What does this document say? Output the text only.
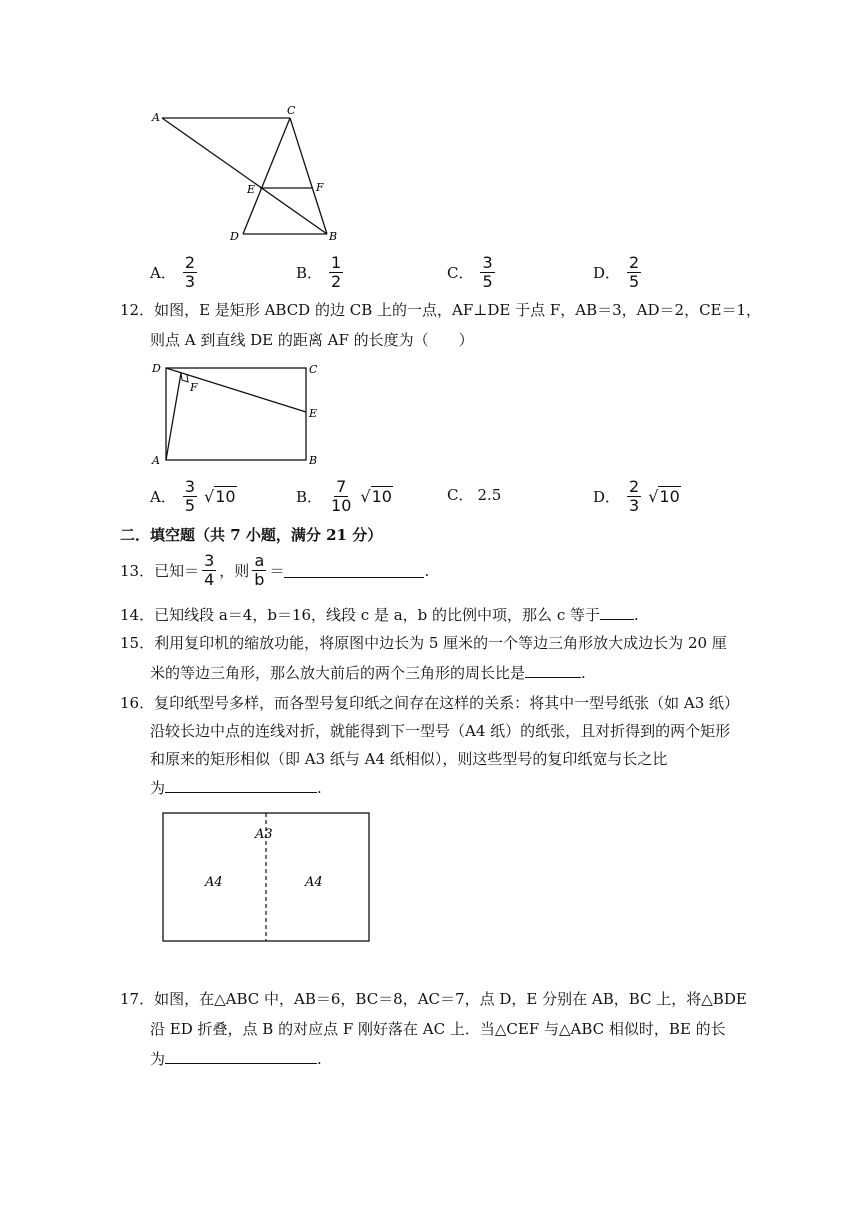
A
C
E	F
D	B
A． $\frac{2}{3}$	B． $\frac{1}{2}$	C． $\frac{3}{5}$	D． $\frac{2}{5}$
12．如图，E 是矩形 ABCD 的边 CB 上的一点，AF⊥DE 于点 F，AB＝3，AD＝2，CE＝1，
则点 A 到直线 DE 的距离 AF 的长度为（　　）
D	C
F
E
A	B
A． $\frac{3}{5} √10$	B． $\frac{7}{10} √10$	C． 2.5	D． $\frac{2}{3} √10$
二．填空题（共 7 小题，满分 21 分）
13．已知＝ $\frac{3}{4}$ ，则 $\frac{a}{b}$ ＝	.
14．已知线段 a＝4，b＝16，线段 c 是 a，b 的比例中项，那么 c 等于 .
15．利用复印机的缩放功能，将原图中边长为 5 厘米的一个等边三角形放大成边长为 20 厘
米的等边三角形，那么放大前后的两个三角形的周长比是	.
16．复印纸型号多样，而各型号复印纸之间存在这样的关系：将其中一型号纸张（如 A3 纸）
沿较长边中点的连线对折，就能得到下一型号（A4 纸）的纸张，且对折得到的两个矩形
和原来的矩形相似（即 A3 纸与 A4 纸相似），则这些型号的复印纸宽与长之比
为	.
A3
A4	A4
17．如图，在△ABC 中，AB＝6，BC＝8，AC＝7，点 D，E 分别在 AB，BC 上，将△BDE
沿 ED 折叠，点 B 的对应点 F 刚好落在 AC 上．当△CEF 与△ABC 相似时，BE 的长
为	.
